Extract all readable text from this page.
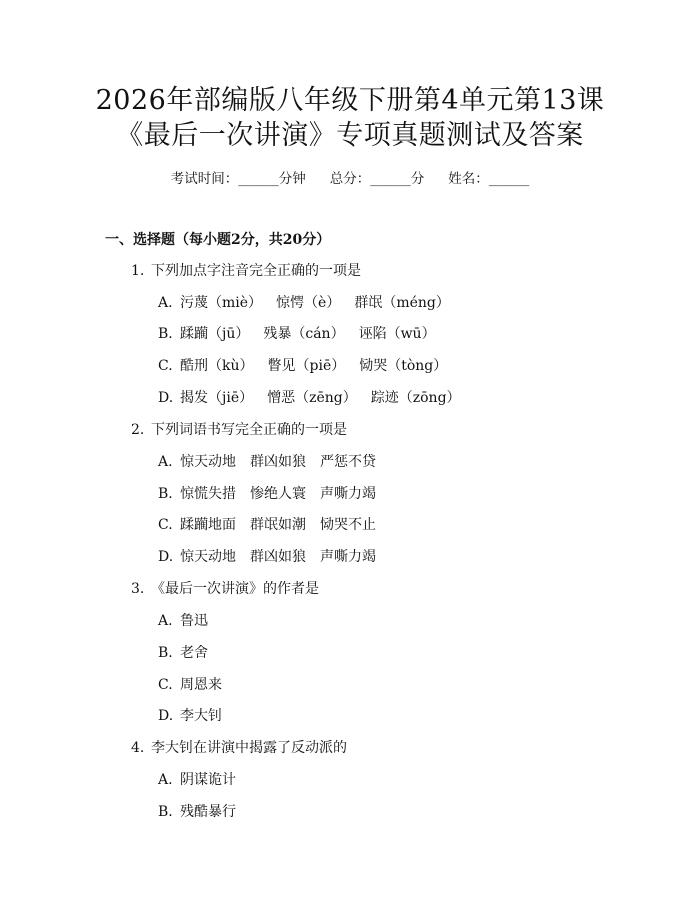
2026年部编版八年级下册第4单元第13课
《最后一次讲演》专项真题测试及答案
考试时间：______分钟 总分：______分 姓名：______
一、选择题（每小题2分，共20分）
1. 下列加点字注音完全正确的一项是
A. 污蔑（miè） 惊愕（è） 群氓（méng）
B. 蹂躏（jū） 残暴（cán） 诬陷（wū）
C. 酷刑（kù） 瞥见（piē） 恸哭（tòng）
D. 揭发（jiē） 憎恶（zēng） 踪迹（zōng）
2. 下列词语书写完全正确的一项是
A. 惊天动地 群凶如狼 严惩不贷
B. 惊慌失措 惨绝人寰 声嘶力竭
C. 蹂躏地面 群氓如潮 恸哭不止
D. 惊天动地 群凶如狼 声嘶力竭
3. 《最后一次讲演》的作者是
A. 鲁迅
B. 老舍
C. 周恩来
D. 李大钊
4. 李大钊在讲演中揭露了反动派的
A. 阴谋诡计
B. 残酷暴行
